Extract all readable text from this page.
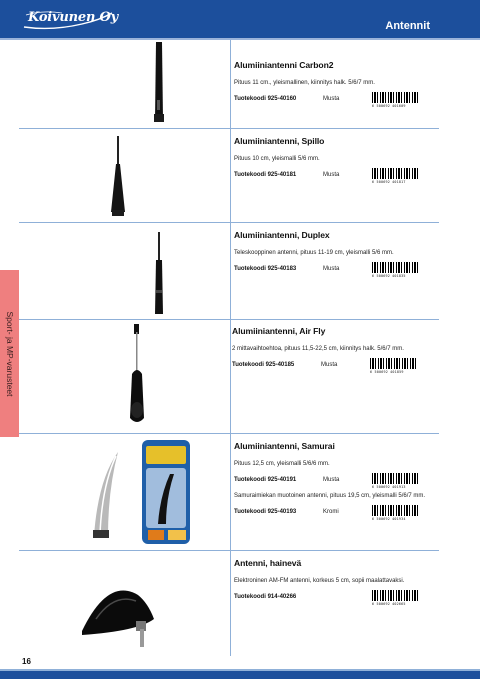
Koivunen Oy
Antennit
Sport- ja MP-varusteet
Alumiiniantenni Carbon2
Pituus 11 cm., yleismallinen, kiinnitys halk. 5/6/7 mm.
Tuotekoodi 925-40160	Musta
6 500692 401609
Alumiiniantenni, Spillo
Pituus 10 cm, yleismalli 5/6 mm.
Tuotekoodi 925-40181	Musta
6 500692 401817
Alumiiniantenni, Duplex
Teleskooppinen antenni, pituus 11-19 cm, yleismalli 5/6 mm.
Tuotekoodi 925-40183	Musta
6 500692 401835
Alumiiniantenni, Air Fly
2 mittavaihtoehtoa, pituus 11,5-22,5 cm, kiinnitys halk. 5/6/7 mm.
Tuotekoodi 925-40185	Musta
6 500692 401859
Alumiiniantenni, Samurai
Pituus 12,5 cm, yleismalli 5/6/6 mm.
Tuotekoodi 925-40191	Musta
6 500692 401913
Samuraimiekan muotoinen antenni, pituus 19,5 cm, yleismalli 5/6/7 mm.
Tuotekoodi 925-40193	Kromi
6 500692 401934
Antenni, hainevä
Elektroninen AM-FM antenni, korkeus 5 cm, sopii maalattavaksi.
Tuotekoodi 914-40266
6 500692 402665
16
